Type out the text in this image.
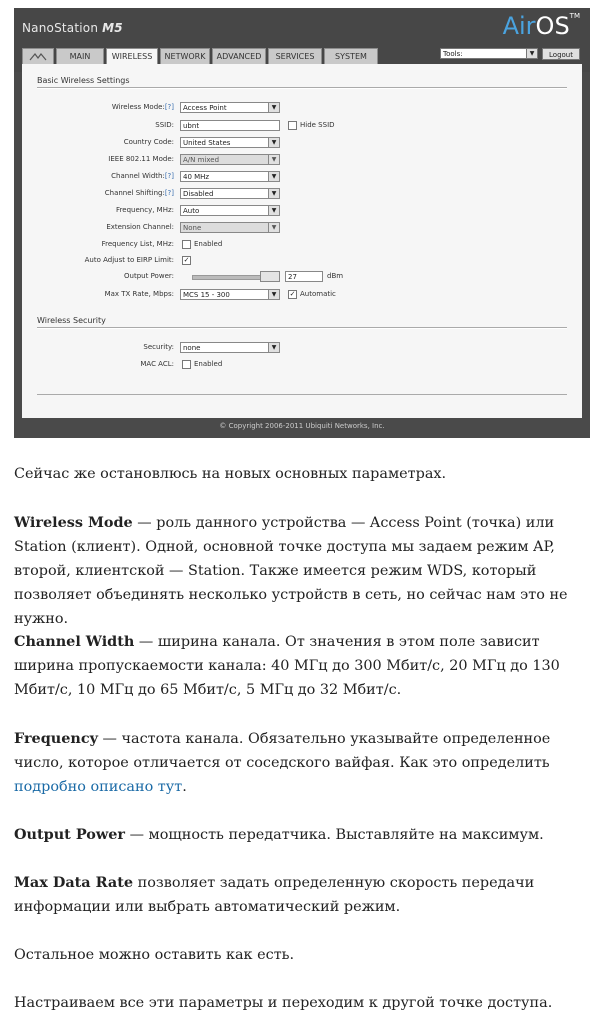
NanoStation M5	AirOS™
MAIN	WIRELESS	NETWORK	ADVANCED	SERVICES	SYSTEM	Tools:	▼	Logout
Basic Wireless Settings
Wireless Mode:[?]	Access Point	▼
SSID:	ubnt	Hide SSID
Country Code:	United States	▼
IEEE 802.11 Mode:	A/N mixed	▼
Channel Width:[?]	40 MHz	▼
Channel Shifting:[?]	Disabled	▼
Frequency, MHz:	Auto	▼
Extension Channel:	None	▼
Frequency List, MHz:	Enabled
Auto Adjust to EIRP Limit: ✓
Output Power:	27	dBm
Max TX Rate, Mbps:	MCS 15 - 300	▼	✓ Automatic
Wireless Security
Security:	none	▼
MAC ACL:	Enabled
© Copyright 2006-2011 Ubiquiti Networks, Inc.

Сейчас же остановлюсь на новых основных параметрах.

Wireless Mode — роль данного устройства — Access Point (точка) или Station (клиент). Одной, основной точке доступа мы задаем режим AP, второй, клиентской — Station. Также имеется режим WDS, который позволяет объединять несколько устройств в сеть, но сейчас нам это не нужно.

Channel Width — ширина канала. От значения в этом поле зависит ширина пропускаемости канала: 40 МГц до 300 Мбит/с, 20 МГц до 130 Мбит/с, 10 МГц до 65 Мбит/с, 5 МГц до 32 Мбит/с.

Frequency — частота канала. Обязательно указывайте определенное число, которое отличается от соседского вайфая. Как это определить подробно описано тут.

Output Power — мощность передатчика. Выставляйте на максимум.

Max Data Rate позволяет задать определенную скорость передачи информации или выбрать автоматический режим.

Остальное можно оставить как есть.

Настраиваем все эти параметры и переходим к другой точке доступа.
